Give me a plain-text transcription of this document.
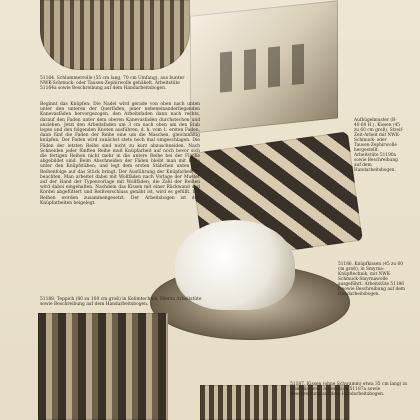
51164. Schlummerrolle (55 cm lang, 70 cm Umfang), aus bunter NWK-Schmuck- oder Tausen-Zephirwolle gehäkelt. Arbeitstüte 51164a sowie Beschreibung auf dem Handarbeitsbogen.
Beginnt das Knüpfen: Die Nadel wird gerade von oben nach unten unter den unteren der Querfäden, jener nebeneinanderliegenden Kanevasfäden hervorgezogen, den Arbeitsfaden dann nach rechts, darauf den Faden unter dem oberen Kanevasfaden durchstechen und anziehen. Jetzt den Arbeitsfaden um 3 cm nach oben um den Stab legen und den folgenden Knoten ausführen, d. h. vom 1. ersten Faden, dann fünf die Faden der Reihe eine um die Maschen, gleichmäßig knüpfen. Der Faden wird zunächst stets noch mal umgeschlagen. Die Fäden der letzten Reihe sind nicht zu kurz abzuschneiden. Nach Schneiden jeder fünften Reihe muß Knüpfarbeit auf noch bevor sich die fertigen Reihen nicht mehr in die untere Reihe bei der Fläche abgebildet sind. Beim Abschneiden der Fäden bleibt man mit Ende unter den Knüpfstäben; und legt dem ersten Stäbchen unten der Reihenfolge auf das Stück bringt. Der Ausführung der Knüpfarbeit zu beachten. Man arbeitet dabei mit Wollfäden nach Vorlage der Muster auf der Hand der Typenvorlage mit Wollfäden; die Zahl der Reihen wird dabei eingehalten. Nachdem das Kissen mit einer Rückwand und Kordel abgefüttert und Reißverschluss genäht ist, wird es gefüllt. Die Reihen werden zusammengesetzt. Der Arbeitsbogen ist den Knüpfarbeiten beigelegt.
Aufbügelmuster (R-40·60 H.), Kissen (45 zu 60 cm groß), Streif-Zeit-Arbeit mit NWK-Schmuck- oder Tausen-Zephirwolle hergestellt. Arbeitstüte 51190a sowie Beschreibung auf dem Handarbeitsbogen.
51186. Knüpfkissen (45 zu 60 cm groß), in Smyrna-Knüpftechnik, mit NWK-Schmuck-Smyrnawolle ausgeführt. Arbeitstüte 51186 b sowie Beschreibung auf dem Handarbeitsbogen.
51188. Teppich (80 zu 100 cm groß) in Kelimtechnik. Hierzu Arbeitstüte sowie Beschreibung auf dem Handarbeitsbogen.
51187. Kissen (ohne Schwamm) etwa 35 cm lang) in Weißstickerei. Arbeitstüte 51187a sowie Beschreibung auf dem Handarbeitsbogen.
